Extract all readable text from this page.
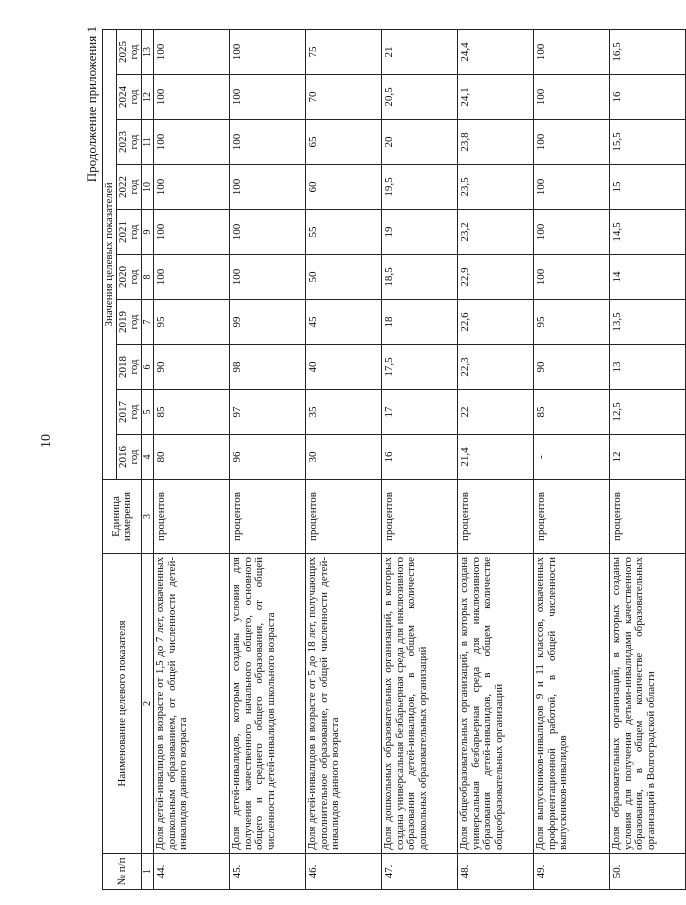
10
Продолжение приложения 1
№ п/п	Наименование целевого показателя	Единица измерения	Значения целевых показателей									
			2016 год	2017 год	2018 год	2019 год	2020 год	2021 год	2022 год	2023 год	2024 год	2025 год
1	2	3	4	5	6	7	8	9	10	11	12	13
44.	Доля детей-инвалидов в возрасте от 1,5 до 7 лет, охваченных дошкольным образованием, от общей численности детей-инвалидов данного возраста	процентов	80	85	90	95	100	100	100	100	100	100
45.	Доля детей-инвалидов, которым созданы условия для получения качественного начального общего, основного общего и среднего общего образования, от общей численности детей-инвалидов школьного возраста	процентов	96	97	98	99	100	100	100	100	100	100
46.	Доля детей-инвалидов в возрасте от 5 до 18 лет, получающих дополнительное образование, от общей численности детей-инвалидов данного возраста	процентов	30	35	40	45	50	55	60	65	70	75
47.	Доля дошкольных образовательных организаций, в которых создана универсальная безбарьерная среда для инклюзивного образования детей-инвалидов, в общем количестве дошкольных образовательных организаций	процентов	16	17	17,5	18	18,5	19	19,5	20	20,5	21
48.	Доля общеобразовательных организаций, в которых создана универсальная безбарьерная среда для инклюзивного образования детей-инвалидов, в общем количестве общеобразовательных организаций	процентов	21,4	22	22,3	22,6	22,9	23,2	23,5	23,8	24,1	24,4
49.	Доля выпускников-инвалидов 9 и 11 классов, охваченных профориентационной работой, в общей численности выпускников-инвалидов	процентов	-	85	90	95	100	100	100	100	100	100
50.	Доля образовательных организаций, в которых созданы условия для получения детьми-инвалидами качественного образования, в общем количестве образовательных организаций в Волгоградской области	процентов	12	12,5	13	13,5	14	14,5	15	15,5	16	16,5
